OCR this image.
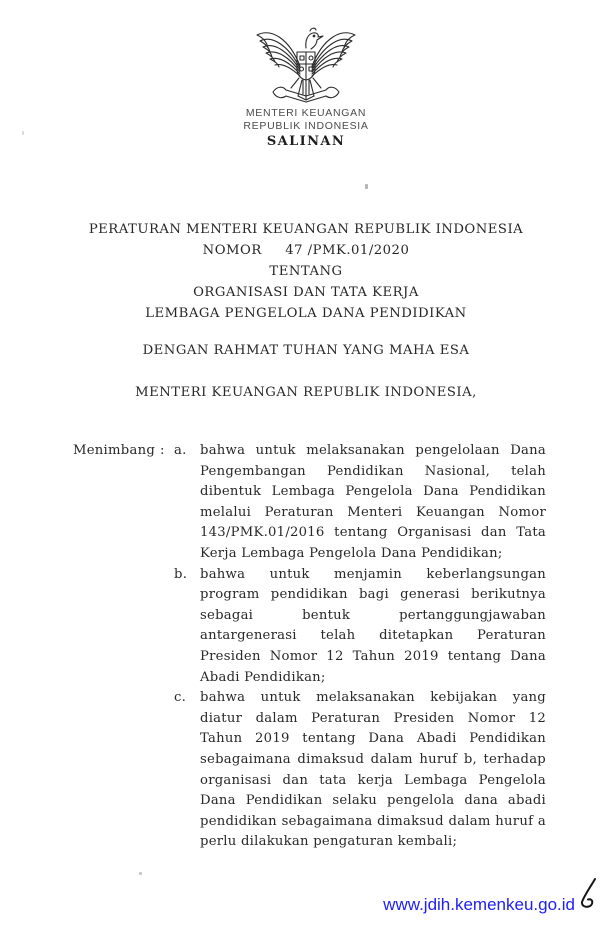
MENTERI KEUANGAN
REPUBLIK INDONESIA
SALINAN
PERATURAN MENTERI KEUANGAN REPUBLIK INDONESIA
NOMOR     47 /PMK.01/2020
TENTANG
ORGANISASI DAN TATA KERJA
LEMBAGA PENGELOLA DANA PENDIDIKAN
DENGAN RAHMAT TUHAN YANG MAHA ESA
MENTERI KEUANGAN REPUBLIK INDONESIA,
Menimbang : a.	bahwa untuk melaksanakan pengelolaan Dana Pengembangan Pendidikan Nasional, telah dibentuk Lembaga Pengelola Dana Pendidikan melalui Peraturan Menteri Keuangan Nomor 143/PMK.01/2016 tentang Organisasi dan Tata Kerja Lembaga Pengelola Dana Pendidikan;
b. bahwa untuk menjamin keberlangsungan program pendidikan bagi generasi berikutnya sebagai bentuk pertanggungjawaban antargenerasi telah ditetapkan Peraturan Presiden Nomor 12 Tahun 2019 tentang Dana Abadi Pendidikan;
c.	bahwa untuk melaksanakan kebijakan yang diatur dalam Peraturan Presiden Nomor 12 Tahun 2019 tentang Dana Abadi Pendidikan sebagaimana dimaksud dalam huruf b, terhadap organisasi dan tata kerja Lembaga Pengelola Dana Pendidikan selaku pengelola dana abadi pendidikan sebagaimana dimaksud dalam huruf a perlu dilakukan pengaturan kembali;
www.jdih.kemenkeu.go.id
